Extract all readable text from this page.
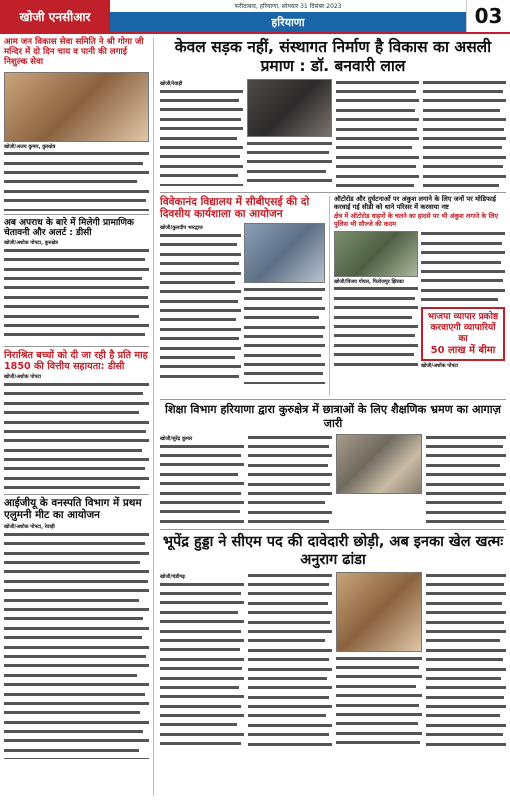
खोजी एनसीआर
फरीदाबाद, हरियाणा, सोमवार 31 दिसंबर 2023
हरियाणा	03
आम जन विकास सेवा समिति ने श्री गोगा जी मन्दिर में दो दिन चाय व पानी की लगाई निशुल्क सेवा
खोजी/अजय कुमार, कुरुक्षेत्र
अब अपराध के बारे में मिलेगी प्रामाणिक चेतावनी और अलर्ट : डीसी
खोजी/अशोक पोपटा, कुरुक्षेत्र
निराश्रित बच्चों को दी जा रही है प्रति माह 1850 की वित्तीय सहायता: डीसी
खोजी/अशोक पोपटा
आईजीयू के वनस्पति विभाग में प्रथम एलुमनी मीट का आयोजन
खोजी/अशोक पोपटा, रेवाड़ी
केवल सड़क नहीं, संस्थागत निर्माण है विकास का असली प्रमाण : डॉ. बनवारी लाल
खोजी/रेवाड़ी
विवेकानंद विद्यालय में सीबीएसई की दो दिवसीय कार्यशाला का आयोजन
खोजी/कुलदीप भारद्वाज
ऑटोरोड और दुर्घटनाओं पर अंकुश लगाने के लिए जनों पर मोडिफाई करवाई गई सीडी को थाने परिसर में करवाया नष्ट
क्षेत्र में ऑटोरोड वाहनों के चलने का हादसे पर भी अंकुश लगाने के लिए पुलिस भी सौज्जे की कदम
खोजी/विजय गोयल, फिरोजपुर झिरका
भाजपा व्यापार प्रकोष्ठ करवाएगी व्यापारियों का
50 लाख में बीमा
खोजी/अशोक पोपटा
शिक्षा विभाग हरियाणा द्वारा कुरुक्षेत्र में छात्राओं के लिए शैक्षणिक भ्रमण का आगाज़ जारी
खोजी/सुरेंद्र कुमार
भूपेंद्र हुड्डा ने सीएम पद की दावेदारी छोड़ी, अब इनका खेल खत्मः अनुराग ढांडा
खोजी/चंडीगढ़
